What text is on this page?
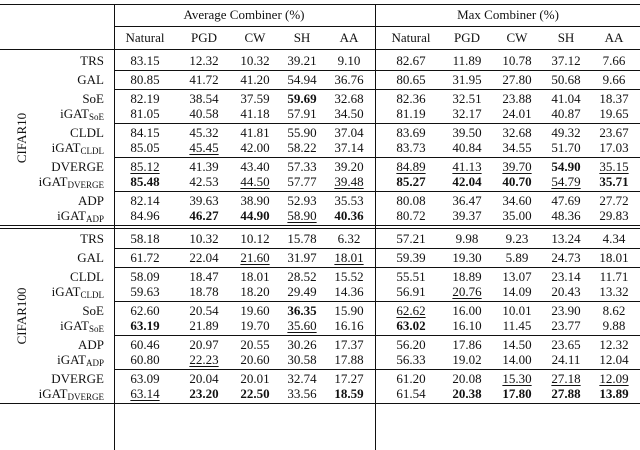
Average Combiner (%)	Max Combiner (%)
Natural	PGD	CW	SH	AA	Natural	PGD	CW	SH	AA
TRS	83.15	12.32	10.32	39.21	9.10	82.67	11.89	10.78	37.12	7.66
GAL	80.85	41.72	41.20	54.94	36.76	80.65	31.95	27.80	50.68	9.66
SoE	82.19	38.54	37.59	59.69	32.68	82.36	32.51	23.88	41.04	18.37
iGAT$_{SoE}$	81.05	40.58	41.18	57.91	34.50	81.19	32.17	24.01	40.87	19.65
CLDL	84.15	45.32	41.81	55.90	37.04	83.69	39.50	32.68	49.32	23.67
iGAT$_{CLDL}$	85.05	45.45	42.00	58.22	37.14	83.73	40.84	34.55	51.70	17.03
DVERGE	85.12	41.39	43.40	57.33	39.20	84.89	41.13	39.70	54.90	35.15
iGAT$_{DVERGE}$	85.48	42.53	44.50	57.77	39.48	85.27	42.04	40.70	54.79	35.71
ADP	82.14	39.63	38.90	52.93	35.53	80.08	36.47	34.60	47.69	27.72
iGAT$_{ADP}$	84.96	46.27	44.90	58.90	40.36	80.72	39.37	35.00	48.36	29.83
CIFAR10
TRS	58.18	10.32	10.12	15.78	6.32	57.21	9.98	9.23	13.24	4.34
GAL	61.72	22.04	21.60	31.97	18.01	59.39	19.30	5.89	24.73	18.01
CLDL	58.09	18.47	18.01	28.52	15.52	55.51	18.89	13.07	23.14	11.71
iGAT$_{CLDL}$	59.63	18.78	18.20	29.49	14.36	56.91	20.76	14.09	20.43	13.32
SoE	62.60	20.54	19.60	36.35	15.90	62.62	16.00	10.01	23.90	8.62
iGAT$_{SoE}$	63.19	21.89	19.70	35.60	16.16	63.02	16.10	11.45	23.77	9.88
ADP	60.46	20.97	20.55	30.26	17.37	56.20	17.86	14.50	23.65	12.32
iGAT$_{ADP}$	60.80	22.23	20.60	30.58	17.88	56.33	19.02	14.00	24.11	12.04
DVERGE	63.09	20.04	20.01	32.74	17.27	61.20	20.08	15.30	27.18	12.09
iGAT$_{DVERGE}$	63.14	23.20	22.50	33.56	18.59	61.54	20.38	17.80	27.88	13.89
CIFAR100
